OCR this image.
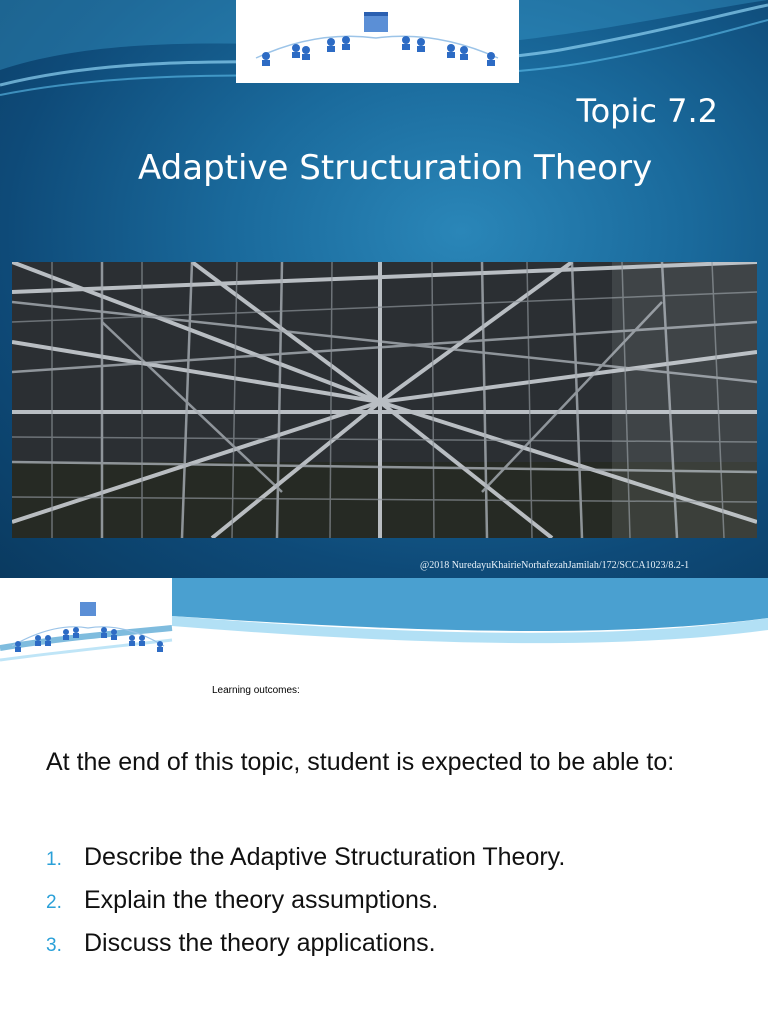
Topic 7.2
Adaptive Structuration Theory
@2018 NuredayuKhairieNorhafezahJamilah/172/SCCA1023/8.2-1
Learning outcomes:
At the end of this topic, student is expected to be able to:
1. Describe the Adaptive Structuration Theory.
2. Explain the theory assumptions.
3. Discuss the theory applications.
